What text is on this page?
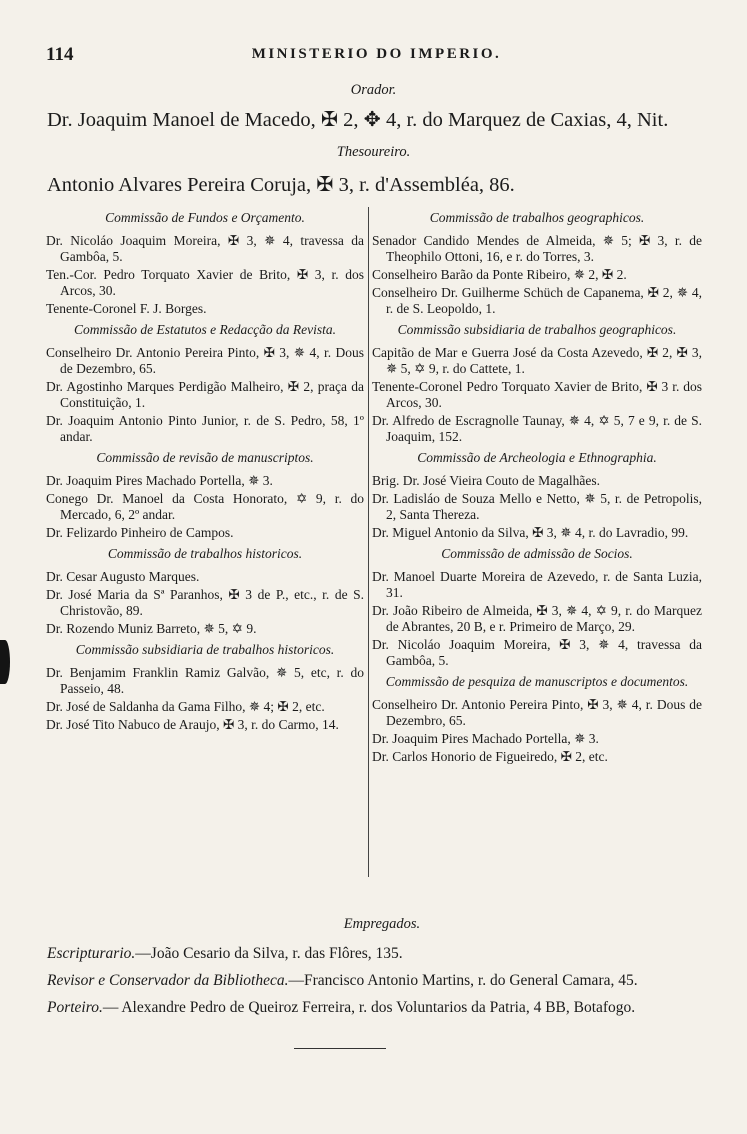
114	MINISTERIO DO IMPERIO.
Orador.
Dr. Joaquim Manoel de Macedo, ✠ 2, ✥ 4, r. do Marquez de Caxias, 4, Nit.
Thesoureiro.
Antonio Alvares Pereira Coruja, ✠ 3, r. d'Assembléa, 86.
Commissão de Fundos e Orçamento.
Dr. Nicoláo Joaquim Moreira, ✠ 3, ✵ 4, travessa da Gambôa, 5.
Ten.-Cor. Pedro Torquato Xavier de Brito, ✠ 3, r. dos Arcos, 30.
Tenente-Coronel F. J. Borges.
Commissão de Estatutos e Redacção da Revista.
Conselheiro Dr. Antonio Pereira Pinto, ✠ 3, ✵ 4, r. Dous de Dezembro, 65.
Dr. Agostinho Marques Perdigão Malheiro, ✠ 2, praça da Constituição, 1.
Dr. Joaquim Antonio Pinto Junior, r. de S. Pedro, 58, 1º andar.
Commissão de revisão de manuscriptos.
Dr. Joaquim Pires Machado Portella, ✵ 3.
Conego Dr. Manoel da Costa Honorato, ✡ 9, r. do Mercado, 6, 2º andar.
Dr. Felizardo Pinheiro de Campos.
Commissão de trabalhos historicos.
Dr. Cesar Augusto Marques.
Dr. José Maria da Sª Paranhos, ✠ 3 de P., etc., r. de S. Christovão, 89.
Dr. Rozendo Muniz Barreto, ✵ 5, ✡ 9.
Commissão subsidiaria de trabalhos historicos.
Dr. Benjamim Franklin Ramiz Galvão, ✵ 5, etc, r. do Passeio, 48.
Dr. José de Saldanha da Gama Filho, ✵ 4; ✠ 2, etc.
Dr. José Tito Nabuco de Araujo, ✠ 3, r. do Carmo, 14.
Commissão de trabalhos geographicos.
Senador Candido Mendes de Almeida, ✵ 5; ✠ 3, r. de Theophilo Ottoni, 16, e r. do Torres, 3.
Conselheiro Barão da Ponte Ribeiro, ✵ 2, ✠ 2.
Conselheiro Dr. Guilherme Schüch de Capanema, ✠ 2, ✵ 4, r. de S. Leopoldo, 1.
Commissão subsidiaria de trabalhos geographicos.
Capitão de Mar e Guerra José da Costa Azevedo, ✠ 2, ✠ 3, ✵ 5, ✡ 9, r. do Cattete, 1.
Tenente-Coronel Pedro Torquato Xavier de Brito, ✠ 3 r. dos Arcos, 30.
Dr. Alfredo de Escragnolle Taunay, ✵ 4, ✡ 5, 7 e 9, r. de S. Joaquim, 152.
Commissão de Archeologia e Ethnographia.
Brig. Dr. José Vieira Couto de Magalhães.
Dr. Ladisláo de Souza Mello e Netto, ✵ 5, r. de Petropolis, 2, Santa Thereza.
Dr. Miguel Antonio da Silva, ✠ 3, ✵ 4, r. do Lavradio, 99.
Commissão de admissão de Socios.
Dr. Manoel Duarte Moreira de Azevedo, r. de Santa Luzia, 31.
Dr. João Ribeiro de Almeida, ✠ 3, ✵ 4, ✡ 9, r. do Marquez de Abrantes, 20 B, e r. Primeiro de Março, 29.
Dr. Nicoláo Joaquim Moreira, ✠ 3, ✵ 4, travessa da Gambôa, 5.
Commissão de pesquiza de manuscriptos e documentos.
Conselheiro Dr. Antonio Pereira Pinto, ✠ 3, ✵ 4, r. Dous de Dezembro, 65.
Dr. Joaquim Pires Machado Portella, ✵ 3.
Dr. Carlos Honorio de Figueiredo, ✠ 2, etc.
Empregados.
Escripturario.—João Cesario da Silva, r. das Flôres, 135.
Revisor e Conservador da Bibliotheca.—Francisco Antonio Martins, r. do General Camara, 45.
Porteiro.— Alexandre Pedro de Queiroz Ferreira, r. dos Voluntarios da Patria, 4 BB, Botafogo.
